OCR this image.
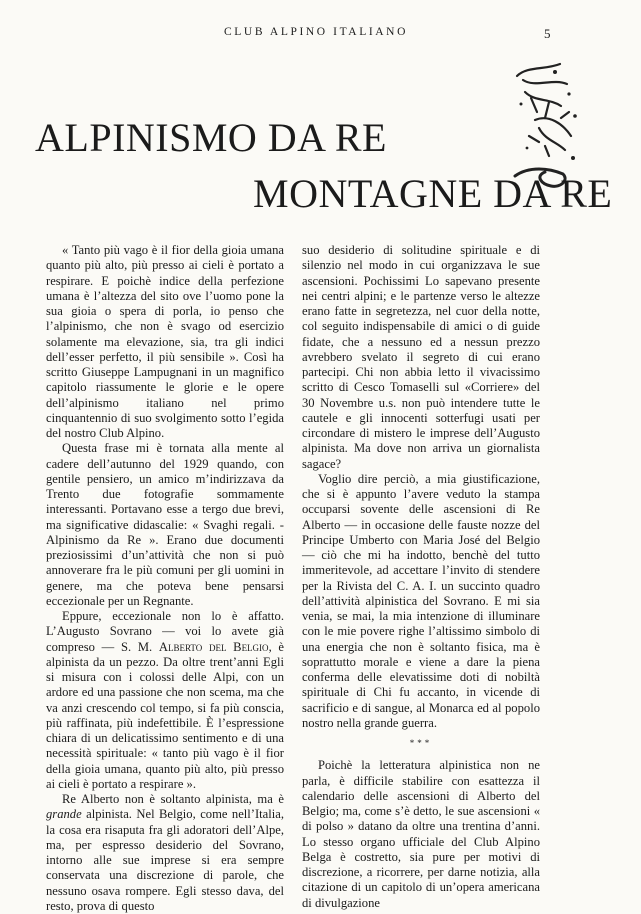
CLUB ALPINO ITALIANO	5
ALPINISMO DA RE
MONTAGNE DA RE

« Tanto più vago è il fior della gioia umana quanto più alto, più presso ai cieli è portato a respirare. E poichè indice della perfezione umana è l’altezza del sito ove l’uomo pone la sua gioia o spera di porla, io penso che l’alpinismo, che non è svago od esercizio solamente ma elevazione, sia, tra gli indici dell’esser perfetto, il più sensibile ». Così ha scritto Giuseppe Lampugnani in un magnifico capitolo riassumente le glorie e le opere dell’alpinismo italiano nel primo cinquantennio di suo svolgimento sotto l’egida del nostro Club Alpino.

Questa frase mi è tornata alla mente al cadere dell’autunno del 1929 quando, con gentile pensiero, un amico m’indirizzava da Trento due fotografie sommamente interessanti. Portavano esse a tergo due brevi, ma significative didascalie: « Svaghi regali. - Alpinismo da Re ». Erano due documenti preziosissimi d’un’attività che non si può annoverare fra le più comuni per gli uomini in genere, ma che poteva bene pensarsi eccezionale per un Regnante.

Eppure, eccezionale non lo è affatto. L’Augusto Sovrano — voi lo avete già compreso — S. M. Alberto del Belgio, è alpinista da un pezzo. Da oltre trent’anni Egli si misura con i colossi delle Alpi, con un ardore ed una passione che non scema, ma che va anzi crescendo col tempo, si fa più conscia, più raffinata, più indefettibile. È l’espressione chiara di un delicatissimo sentimento e di una necessità spirituale: « tanto più vago è il fior della gioia umana, quanto più alto, più presso ai cieli è portato a respirare ».

Re Alberto non è soltanto alpinista, ma è grande alpinista. Nel Belgio, come nell’Italia, la cosa era risaputa fra gli adoratori dell’Alpe, ma, per espresso desiderio del Sovrano, intorno alle sue imprese si era sempre conservata una discrezione di parole, che nessuno osava rompere. Egli stesso dava, del resto, prova di questo

suo desiderio di solitudine spirituale e di silenzio nel modo in cui organizzava le sue ascensioni. Pochissimi Lo sapevano presente nei centri alpini; e le partenze verso le altezze erano fatte in segretezza, nel cuor della notte, col seguito indispensabile di amici o di guide fidate, che a nessuno ed a nessun prezzo avrebbero svelato il segreto di cui erano partecipi. Chi non abbia letto il vivacissimo scritto di Cesco Tomaselli sul «Corriere» del 30 Novembre u.s. non può intendere tutte le cautele e gli innocenti sotterfugi usati per circondare di mistero le imprese dell’Augusto alpinista. Ma dove non arriva un giornalista sagace?

Voglio dire perciò, a mia giustificazione, che si è appunto l’avere veduto la stampa occuparsi sovente delle ascensioni di Re Alberto — in occasione delle fauste nozze del Principe Umberto con Maria José del Belgio — ciò che mi ha indotto, benchè del tutto immeritevole, ad accettare l’invito di stendere per la Rivista del C. A. I. un succinto quadro dell’attività alpinistica del Sovrano. E mi sia venia, se mai, la mia intenzione di illuminare con le mie povere righe l’altissimo simbolo di una energia che non è soltanto fisica, ma è soprattutto morale e viene a dare la piena conferma delle elevatissime doti di nobiltà spirituale di Chi fu accanto, in vicende di sacrificio e di sangue, al Monarca ed al popolo nostro nella grande guerra.

***

Poichè la letteratura alpinistica non ne parla, è difficile stabilire con esattezza il calendario delle ascensioni di Alberto del Belgio; ma, come s’è detto, le sue ascensioni « di polso » datano da oltre una trentina d’anni. Lo stesso organo ufficiale del Club Alpino Belga è costretto, sia pure per motivi di discrezione, a ricorrere, per darne notizia, alla citazione di un capitolo di un’opera americana di divulgazione
